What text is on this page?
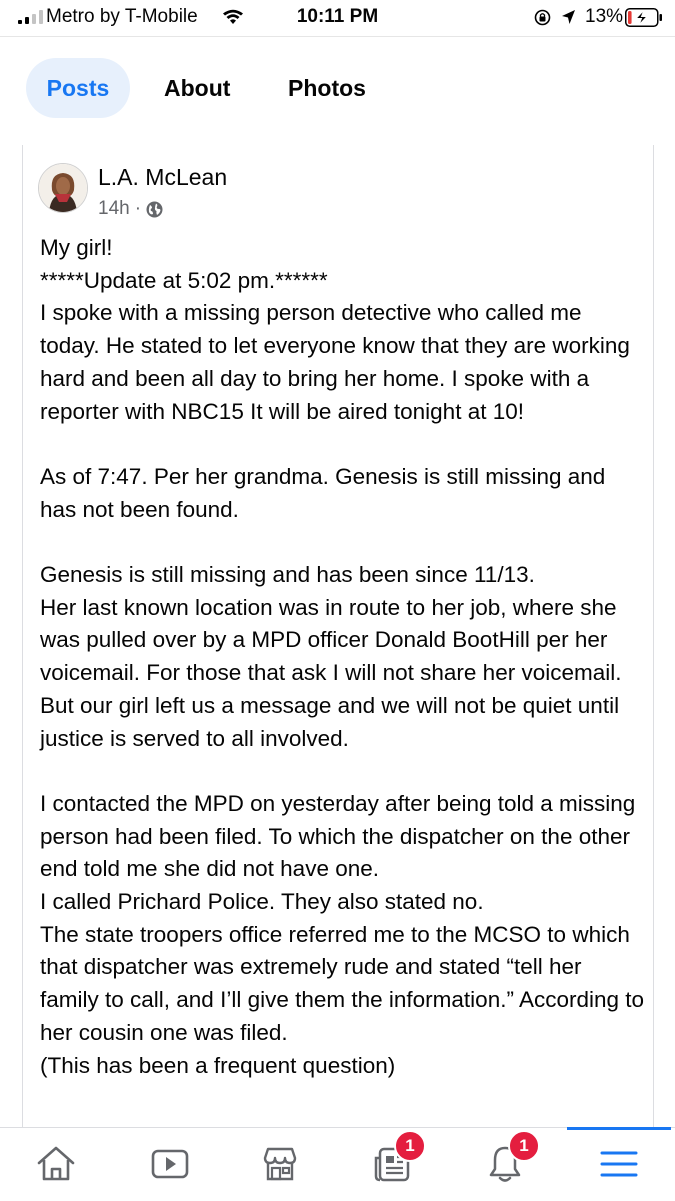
Metro by T-Mobile	10:11 PM	13%
Posts	About	Photos
L.A. McLean
14h ·

My girl!

*****Update at 5:02 pm.******

I spoke with a missing person detective who called me today. He stated to let everyone know that they are working hard and been all day to bring her home. I spoke with a reporter with NBC15 It will be aired tonight at 10!

As of 7:47. Per her grandma. Genesis is still missing and has not been found.

Genesis is still missing and has been since 11/13.

Her last known location was in route to her job, where she was pulled over by a MPD officer Donald BootHill per her voicemail. For those that ask I will not share her voicemail. But our girl left us a message and we will not be quiet until justice is served to all involved.

I contacted the MPD on yesterday after being told a missing person had been filed. To which the dispatcher on the other end told me she did not have one.

I called Prichard Police. They also stated no.

The state troopers office referred me to the MCSO to which that dispatcher was extremely rude and stated “tell her family to call, and I’ll give them the information.” According to her cousin one was filed.

(This has been a frequent question)

1	1
